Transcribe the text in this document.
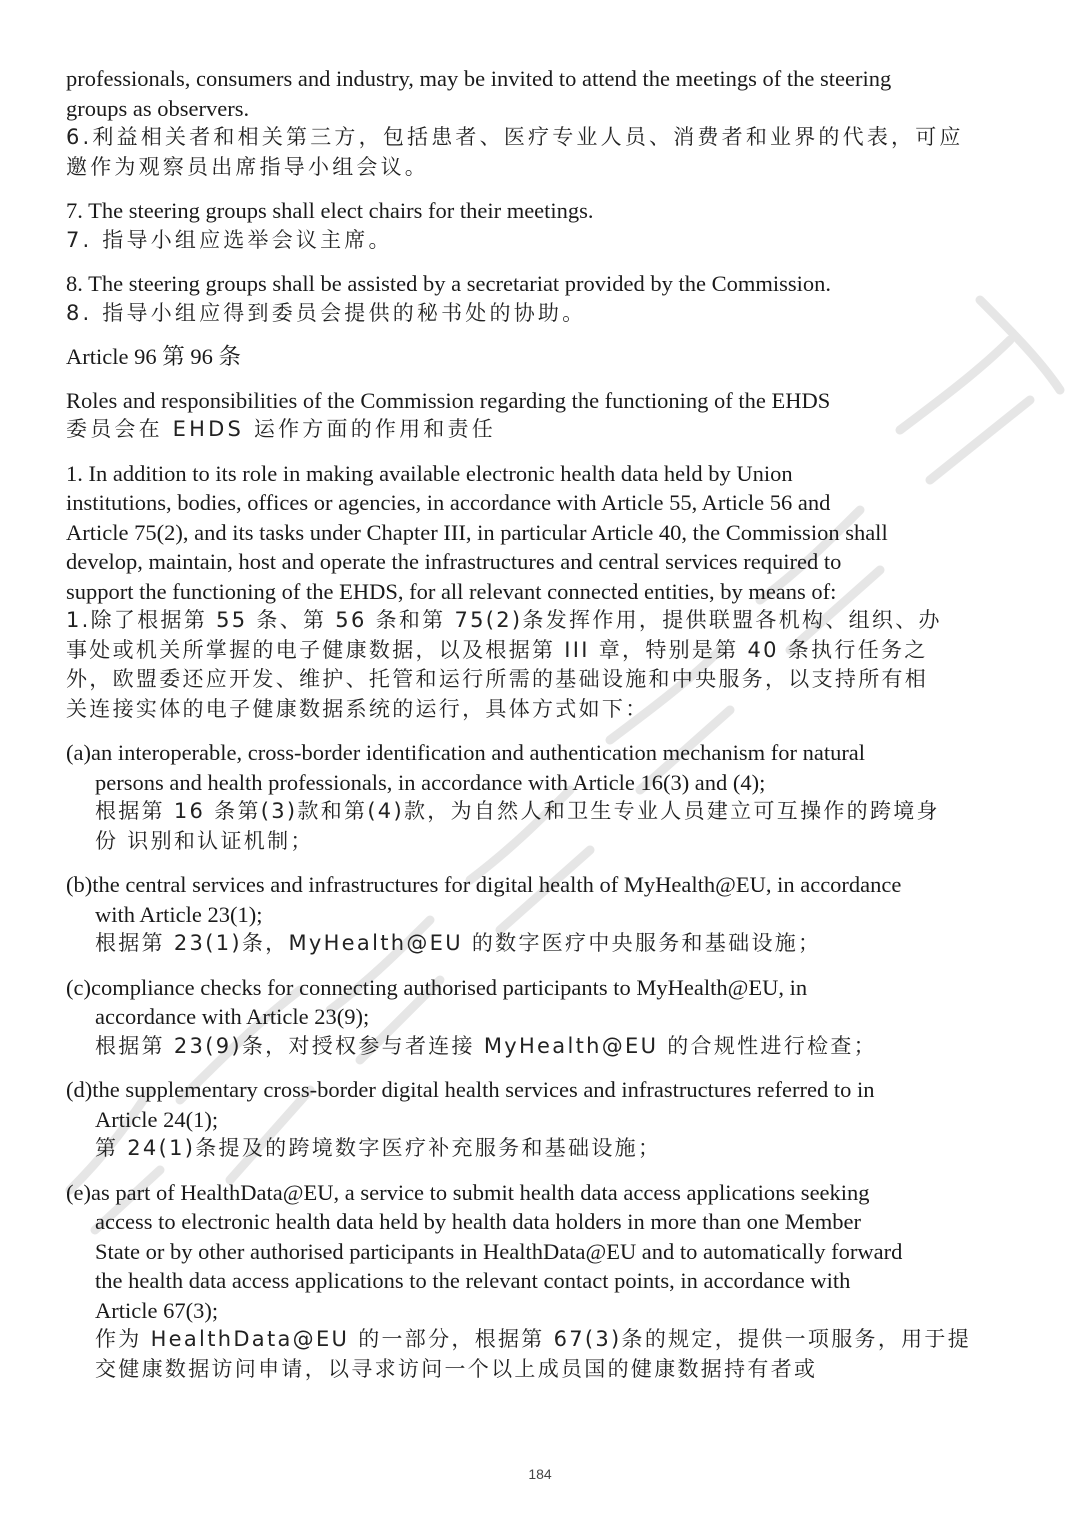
professionals, consumers and industry, may be invited to attend the meetings of the steering
groups as observers.
6.利益相关者和相关第三方，包括患者、医疗专业人员、消费者和业界的代表，可应
邀作为观察员出席指导小组会议。
7. The steering groups shall elect chairs for their meetings.
7. 指导小组应选举会议主席。
8. The steering groups shall be assisted by a secretariat provided by the Commission.
8. 指导小组应得到委员会提供的秘书处的协助。
Article 96 第 96 条
Roles and responsibilities of the Commission regarding the functioning of the EHDS
委员会在 EHDS 运作方面的作用和责任
1. In addition to its role in making available electronic health data held by Union
institutions, bodies, offices or agencies, in accordance with Article 55, Article 56 and
Article 75(2), and its tasks under Chapter III, in particular Article 40, the Commission shall
develop, maintain, host and operate the infrastructures and central services required to
support the functioning of the EHDS, for all relevant connected entities, by means of:
1.除了根据第 55 条、第 56 条和第 75(2)条发挥作用，提供联盟各机构、组织、办
事处或机关所掌握的电子健康数据，以及根据第 III 章，特别是第 40 条执行任务之
外，欧盟委还应开发、维护、托管和运行所需的基础设施和中央服务，以支持所有相
关连接实体的电子健康数据系统的运行，具体方式如下：
(a)an interoperable, cross-border identification and authentication mechanism for natural
persons and health professionals, in accordance with Article 16(3) and (4);
根据第 16 条第(3)款和第(4)款，为自然人和卫生专业人员建立可互操作的跨境身
份 识别和认证机制；
(b)the central services and infrastructures for digital health of MyHealth@EU, in accordance
with Article 23(1);
根据第 23(1)条，MyHealth@EU 的数字医疗中央服务和基础设施；
(c)compliance checks for connecting authorised participants to MyHealth@EU, in
accordance with Article 23(9);
根据第 23(9)条，对授权参与者连接 MyHealth@EU 的合规性进行检查；
(d)the supplementary cross-border digital health services and infrastructures referred to in
Article 24(1);
第 24(1)条提及的跨境数字医疗补充服务和基础设施；
(e)as part of HealthData@EU, a service to submit health data access applications seeking
access to electronic health data held by health data holders in more than one Member
State or by other authorised participants in HealthData@EU and to automatically forward
the health data access applications to the relevant contact points, in accordance with
Article 67(3);
作为 HealthData@EU 的一部分，根据第 67(3)条的规定，提供一项服务，用于提
交健康数据访问申请，以寻求访问一个以上成员国的健康数据持有者或
184
